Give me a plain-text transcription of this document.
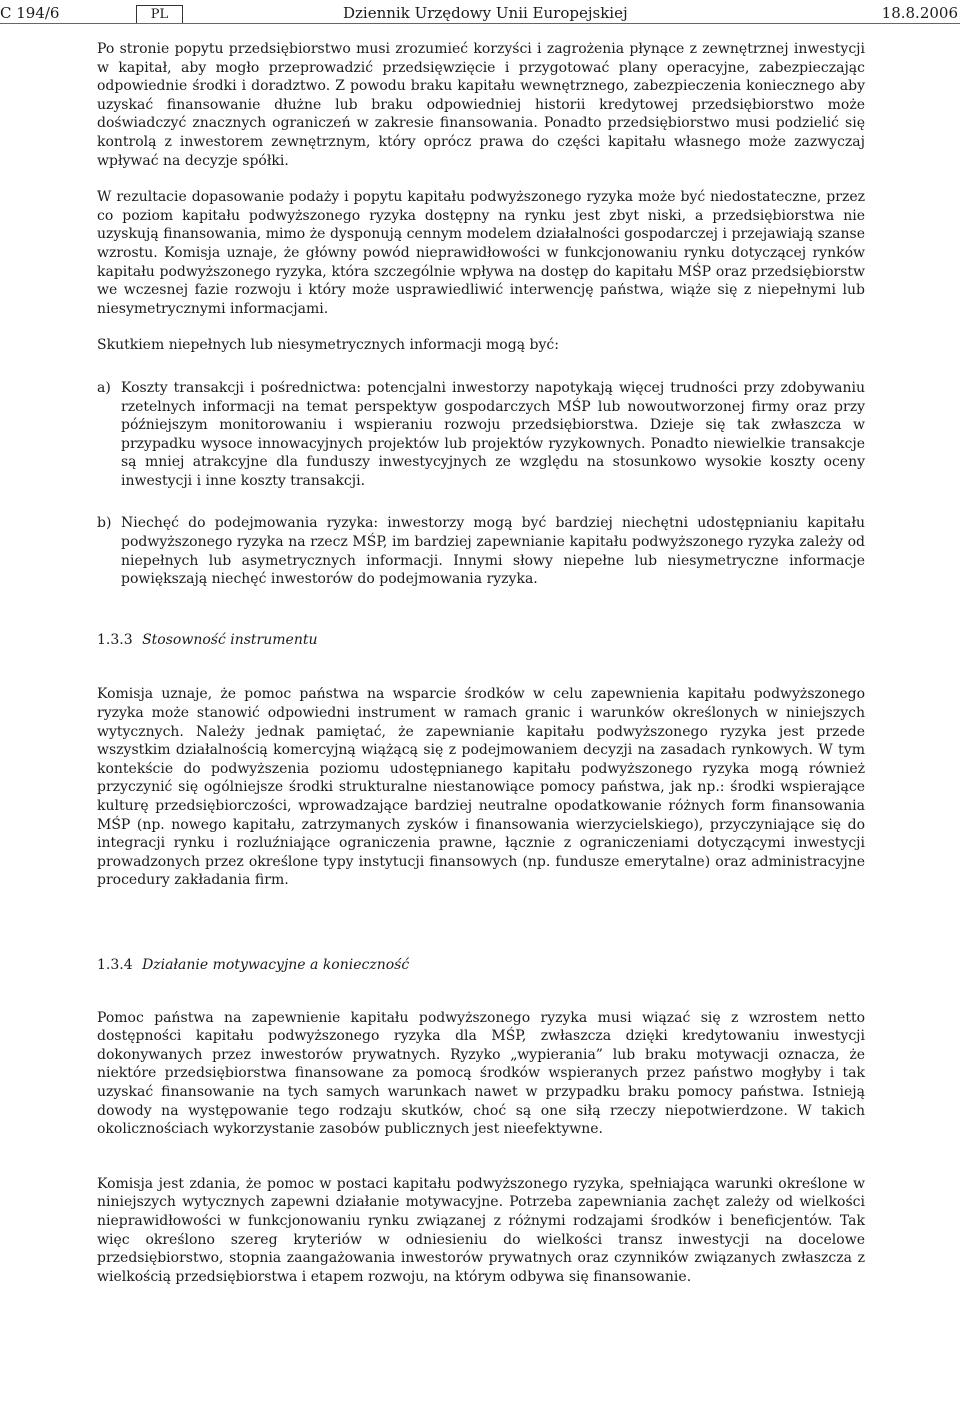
C 194/6	PL	Dziennik Urzędowy Unii Europejskiej	18.8.2006

Po stronie popytu przedsiębiorstwo musi zrozumieć korzyści i zagrożenia płynące z zewnętrznej inwestycji w kapitał, aby mogło przeprowadzić przedsięwzięcie i przygotować plany operacyjne, zabezpieczając odpowiednie środki i doradztwo. Z powodu braku kapitału wewnętrznego, zabezpieczenia koniecznego aby uzyskać finansowanie dłużne lub braku odpowiedniej historii kredytowej przedsiębiorstwo może doświadczyć znacznych ograniczeń w zakresie finansowania. Ponadto przedsiębiorstwo musi podzielić się kontrolą z inwestorem zewnętrznym, który oprócz prawa do części kapitału własnego może zazwyczaj wpływać na decyzje spółki.

W rezultacie dopasowanie podaży i popytu kapitału podwyższonego ryzyka może być niedostateczne, przez co poziom kapitału podwyższonego ryzyka dostępny na rynku jest zbyt niski, a przedsiębiorstwa nie uzyskują finansowania, mimo że dysponują cennym modelem działalności gospodarczej i przejawiają szanse wzrostu. Komisja uznaje, że główny powód nieprawidłowości w funkcjonowaniu rynku dotyczącej rynków kapitału podwyższonego ryzyka, która szczególnie wpływa na dostęp do kapitału MŚP oraz przedsiębiorstw we wczesnej fazie rozwoju i który może usprawiedliwić interwencję państwa, wiąże się z niepełnymi lub niesymetrycznymi informacjami.

Skutkiem niepełnych lub niesymetrycznych informacji mogą być:

a) Koszty transakcji i pośrednictwa: potencjalni inwestorzy napotykają więcej trudności przy zdobywaniu rzetelnych informacji na temat perspektyw gospodarczych MŚP lub nowoutworzonej firmy oraz przy późniejszym monitorowaniu i wspieraniu rozwoju przedsiębiorstwa. Dzieje się tak zwłaszcza w przypadku wysoce innowacyjnych projektów lub projektów ryzykownych. Ponadto niewielkie transakcje są mniej atrakcyjne dla funduszy inwestycyjnych ze względu na stosunkowo wysokie koszty oceny inwestycji i inne koszty transakcji.

b) Niechęć do podejmowania ryzyka: inwestorzy mogą być bardziej niechętni udostępnianiu kapitału podwyższonego ryzyka na rzecz MŚP, im bardziej zapewnianie kapitału podwyższonego ryzyka zależy od niepełnych lub asymetrycznych informacji. Innymi słowy niepełne lub niesymetryczne informacje powiększają niechęć inwestorów do podejmowania ryzyka.

1.3.3 Stosowność instrumentu

Komisja uznaje, że pomoc państwa na wsparcie środków w celu zapewnienia kapitału podwyższonego ryzyka może stanowić odpowiedni instrument w ramach granic i warunków określonych w niniejszych wytycznych. Należy jednak pamiętać, że zapewnianie kapitału podwyższonego ryzyka jest przede wszystkim działalnością komercyjną wiążącą się z podejmowaniem decyzji na zasadach rynkowych. W tym kontekście do podwyższenia poziomu udostępnianego kapitału podwyższonego ryzyka mogą również przyczynić się ogólniejsze środki strukturalne niestanowiące pomocy państwa, jak np.: środki wspierające kulturę przedsiębiorczości, wprowadzające bardziej neutralne opodatkowanie różnych form finansowania MŚP (np. nowego kapitału, zatrzymanych zysków i finansowania wierzycielskiego), przyczyniające się do integracji rynku i rozluźniające ograniczenia prawne, łącznie z ograniczeniami dotyczącymi inwestycji prowadzonych przez określone typy instytucji finansowych (np. fundusze emerytalne) oraz administracyjne procedury zakładania firm.

1.3.4 Działanie motywacyjne a konieczność

Pomoc państwa na zapewnienie kapitału podwyższonego ryzyka musi wiązać się z wzrostem netto dostępności kapitału podwyższonego ryzyka dla MŚP, zwłaszcza dzięki kredytowaniu inwestycji dokonywanych przez inwestorów prywatnych. Ryzyko „wypierania” lub braku motywacji oznacza, że niektóre przedsiębiorstwa finansowane za pomocą środków wspieranych przez państwo mogłyby i tak uzyskać finansowanie na tych samych warunkach nawet w przypadku braku pomocy państwa. Istnieją dowody na występowanie tego rodzaju skutków, choć są one siłą rzeczy niepotwierdzone. W takich okolicznościach wykorzystanie zasobów publicznych jest nieefektywne.

Komisja jest zdania, że pomoc w postaci kapitału podwyższonego ryzyka, spełniająca warunki określone w niniejszych wytycznych zapewni działanie motywacyjne. Potrzeba zapewniania zachęt zależy od wielkości nieprawidłowości w funkcjonowaniu rynku związanej z różnymi rodzajami środków i beneficjentów. Tak więc określono szereg kryteriów w odniesieniu do wielkości transz inwestycji na docelowe przedsiębiorstwo, stopnia zaangażowania inwestorów prywatnych oraz czynników związanych zwłaszcza z wielkością przedsiębiorstwa i etapem rozwoju, na którym odbywa się finansowanie.
